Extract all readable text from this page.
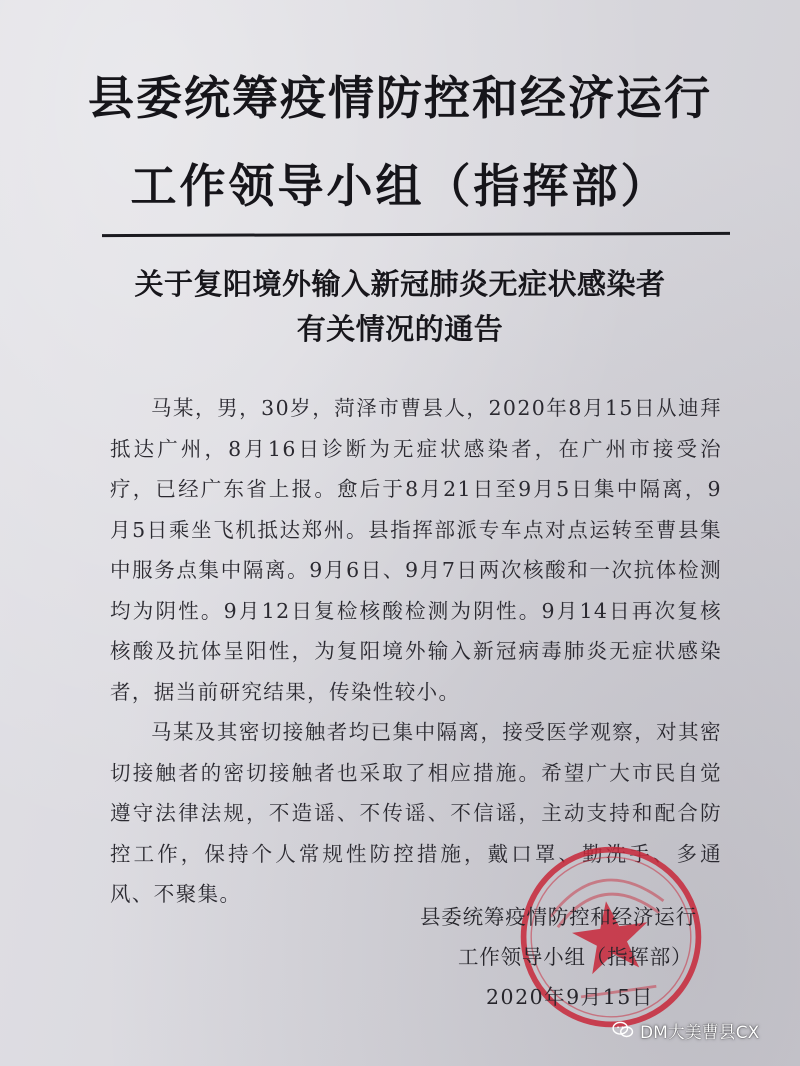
县委统筹疫情防控和经济运行
工作领导小组（指挥部）
关于复阳境外输入新冠肺炎无症状感染者
有关情况的通告

马某，男，30岁，菏泽市曹县人，2020年8月15日从迪拜抵达广州，8月16日诊断为无症状感染者，在广州市接受治疗，已经广东省上报。愈后于8月21日至9月5日集中隔离，9月5日乘坐飞机抵达郑州。县指挥部派专车点对点运转至曹县集中服务点集中隔离。9月6日、9月7日两次核酸和一次抗体检测均为阴性。9月12日复检核酸检测为阴性。9月14日再次复核核酸及抗体呈阳性，为复阳境外输入新冠病毒肺炎无症状感染者，据当前研究结果，传染性较小。

马某及其密切接触者均已集中隔离，接受医学观察，对其密切接触者的密切接触者也采取了相应措施。希望广大市民自觉遵守法律法规，不造谣、不传谣、不信谣，主动支持和配合防控工作，保持个人常规性防控措施，戴口罩、勤洗手、多通风、不聚集。

县委统筹疫情防控和经济运行
工作领导小组（指挥部）
2020年9月15日
DM大美曹县CX
